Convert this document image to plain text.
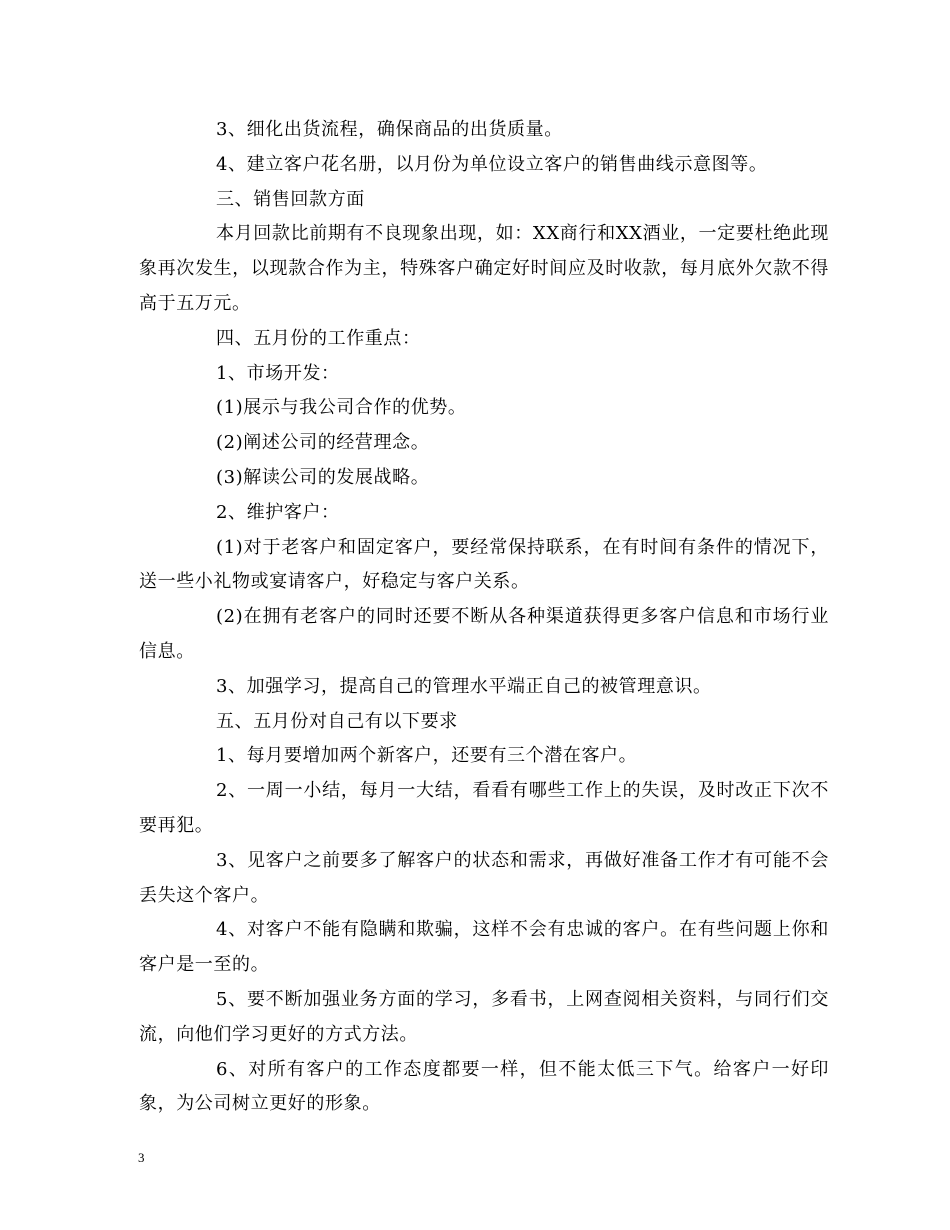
3、细化出货流程，确保商品的出货质量。

4、建立客户花名册，以月份为单位设立客户的销售曲线示意图等。

三、销售回款方面

本月回款比前期有不良现象出现，如：XX商行和XX酒业，一定要杜绝此现象再次发生，以现款合作为主，特殊客户确定好时间应及时收款，每月底外欠款不得高于五万元。

四、五月份的工作重点：

1、市场开发：

(1)展示与我公司合作的优势。

(2)阐述公司的经营理念。

(3)解读公司的发展战略。

2、维护客户：

(1)对于老客户和固定客户，要经常保持联系，在有时间有条件的情况下，送一些小礼物或宴请客户，好稳定与客户关系。

(2)在拥有老客户的同时还要不断从各种渠道获得更多客户信息和市场行业信息。

3、加强学习，提高自己的管理水平端正自己的被管理意识。

五、五月份对自己有以下要求

1、每月要增加两个新客户，还要有三个潜在客户。

2、一周一小结，每月一大结，看看有哪些工作上的失误，及时改正下次不要再犯。

3、见客户之前要多了解客户的状态和需求，再做好准备工作才有可能不会丢失这个客户。

4、对客户不能有隐瞒和欺骗，这样不会有忠诚的客户。在有些问题上你和客户是一至的。

5、要不断加强业务方面的学习，多看书，上网查阅相关资料，与同行们交流，向他们学习更好的方式方法。

6、对所有客户的工作态度都要一样，但不能太低三下气。给客户一好印象，为公司树立更好的形象。

3
